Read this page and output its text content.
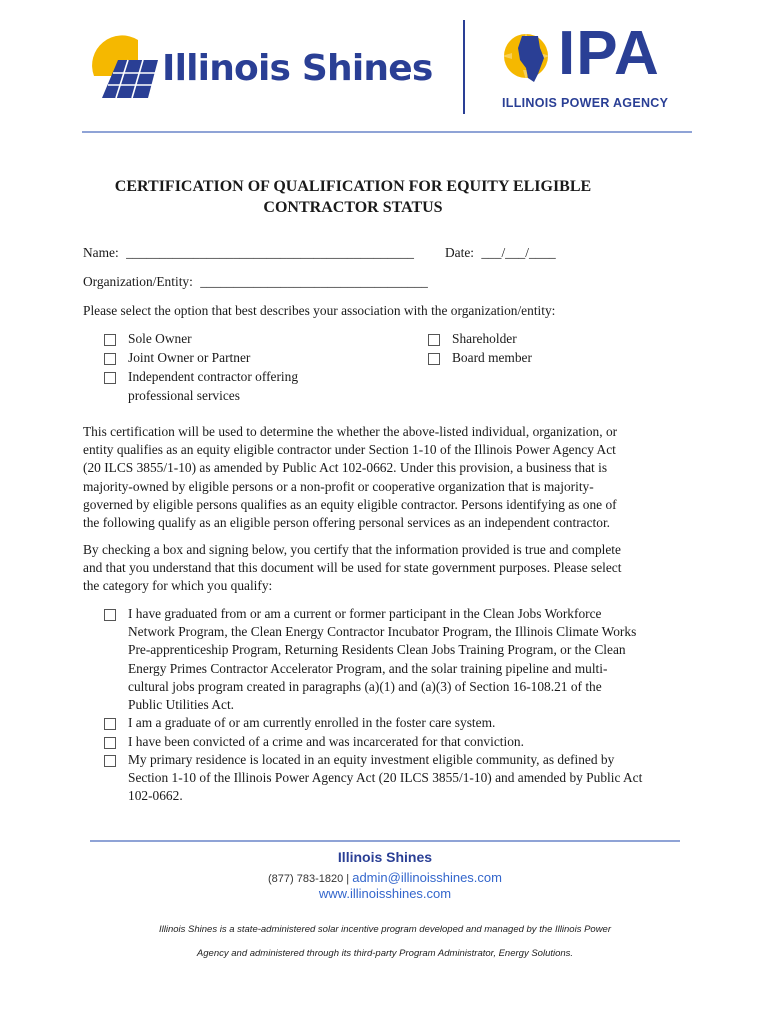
Illinois Shines IPA
ILLINOIS POWER AGENCY
CERTIFICATION OF QUALIFICATION FOR EQUITY ELIGIBLE
CONTRACTOR STATUS
Name: ___________________________________________ Date: ___/___/____
Organization/Entity: __________________________________
Please select the option that best describes your association with the organization/entity:
Sole Owner
Joint Owner or Partner
Independent contractor offering
professional services
Shareholder
Board member
This certification will be used to determine the whether the above-listed individual, organization, or
entity qualifies as an equity eligible contractor under Section 1-10 of the Illinois Power Agency Act
(20 ILCS 3855/1-10) as amended by Public Act 102-0662. Under this provision, a business that is
majority-owned by eligible persons or a non-profit or cooperative organization that is majority-
governed by eligible persons qualifies as an equity eligible contractor. Persons identifying as one of
the following qualify as an eligible person offering personal services as an independent contractor.
By checking a box and signing below, you certify that the information provided is true and complete
and that you understand that this document will be used for state government purposes. Please select
the category for which you qualify:
I have graduated from or am a current or former participant in the Clean Jobs Workforce
Network Program, the Clean Energy Contractor Incubator Program, the Illinois Climate Works
Pre-apprenticeship Program, Returning Residents Clean Jobs Training Program, or the Clean
Energy Primes Contractor Accelerator Program, and the solar training pipeline and multi-
cultural jobs program created in paragraphs (a)(1) and (a)(3) of Section 16-108.21 of the
Public Utilities Act.
I am a graduate of or am currently enrolled in the foster care system.
I have been convicted of a crime and was incarcerated for that conviction.
My primary residence is located in an equity investment eligible community, as defined by
Section 1-10 of the Illinois Power Agency Act (20 ILCS 3855/1-10) and amended by Public Act
102-0662.
Illinois Shines
(877) 783-1820 | admin@illinoisshines.com
www.illinoisshines.com
Illinois Shines is a state-administered solar incentive program developed and managed by the Illinois Power
Agency and administered through its third-party Program Administrator, Energy Solutions.
